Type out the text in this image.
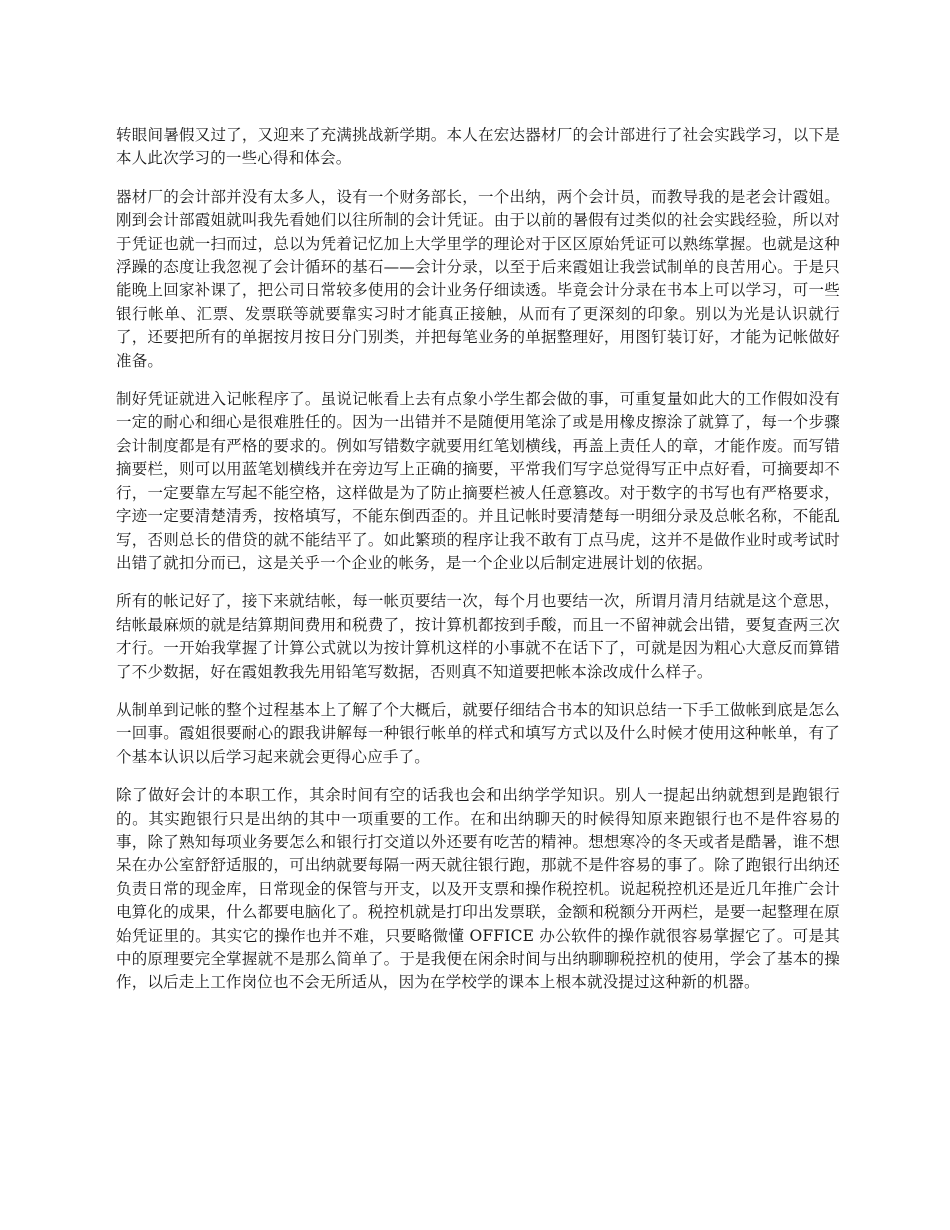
转眼间暑假又过了，又迎来了充满挑战新学期。本人在宏达器材厂的会计部进行了社会实践学习，以下是本人此次学习的一些心得和体会。

器材厂的会计部并没有太多人，设有一个财务部长，一个出纳，两个会计员，而教导我的是老会计霞姐。刚到会计部霞姐就叫我先看她们以往所制的会计凭证。由于以前的暑假有过类似的社会实践经验，所以对于凭证也就一扫而过，总以为凭着记忆加上大学里学的理论对于区区原始凭证可以熟练掌握。也就是这种浮躁的态度让我忽视了会计循环的基石——会计分录，以至于后来霞姐让我尝试制单的良苦用心。于是只能晚上回家补课了，把公司日常较多使用的会计业务仔细读透。毕竟会计分录在书本上可以学习，可一些银行帐单、汇票、发票联等就要靠实习时才能真正接触，从而有了更深刻的印象。别以为光是认识就行了，还要把所有的单据按月按日分门别类，并把每笔业务的单据整理好，用图钉装订好，才能为记帐做好准备。

制好凭证就进入记帐程序了。虽说记帐看上去有点象小学生都会做的事，可重复量如此大的工作假如没有一定的耐心和细心是很难胜任的。因为一出错并不是随便用笔涂了或是用橡皮擦涂了就算了，每一个步骤会计制度都是有严格的要求的。例如写错数字就要用红笔划横线，再盖上责任人的章，才能作废。而写错摘要栏，则可以用蓝笔划横线并在旁边写上正确的摘要，平常我们写字总觉得写正中点好看，可摘要却不行，一定要靠左写起不能空格，这样做是为了防止摘要栏被人任意篡改。对于数字的书写也有严格要求，字迹一定要清楚清秀，按格填写，不能东倒西歪的。并且记帐时要清楚每一明细分录及总帐名称，不能乱写，否则总长的借贷的就不能结平了。如此繁琐的程序让我不敢有丁点马虎，这并不是做作业时或考试时出错了就扣分而已，这是关乎一个企业的帐务，是一个企业以后制定进展计划的依据。

所有的帐记好了，接下来就结帐，每一帐页要结一次，每个月也要结一次，所谓月清月结就是这个意思，结帐最麻烦的就是结算期间费用和税费了，按计算机都按到手酸，而且一不留神就会出错，要复查两三次才行。一开始我掌握了计算公式就以为按计算机这样的小事就不在话下了，可就是因为粗心大意反而算错了不少数据，好在霞姐教我先用铅笔写数据，否则真不知道要把帐本涂改成什么样子。

从制单到记帐的整个过程基本上了解了个大概后，就要仔细结合书本的知识总结一下手工做帐到底是怎么一回事。霞姐很要耐心的跟我讲解每一种银行帐单的样式和填写方式以及什么时候才使用这种帐单，有了个基本认识以后学习起来就会更得心应手了。

除了做好会计的本职工作，其余时间有空的话我也会和出纳学学知识。别人一提起出纳就想到是跑银行的。其实跑银行只是出纳的其中一项重要的工作。在和出纳聊天的时候得知原来跑银行也不是件容易的事，除了熟知每项业务要怎么和银行打交道以外还要有吃苦的精神。想想寒冷的冬天或者是酷暑，谁不想呆在办公室舒舒适服的，可出纳就要每隔一两天就往银行跑，那就不是件容易的事了。除了跑银行出纳还负责日常的现金库，日常现金的保管与开支，以及开支票和操作税控机。说起税控机还是近几年推广会计电算化的成果，什么都要电脑化了。税控机就是打印出发票联，金额和税额分开两栏，是要一起整理在原始凭证里的。其实它的操作也并不难，只要略微懂 OFFICE 办公软件的操作就很容易掌握它了。可是其中的原理要完全掌握就不是那么简单了。于是我便在闲余时间与出纳聊聊税控机的使用，学会了基本的操作，以后走上工作岗位也不会无所适从，因为在学校学的课本上根本就没提过这种新的机器。
